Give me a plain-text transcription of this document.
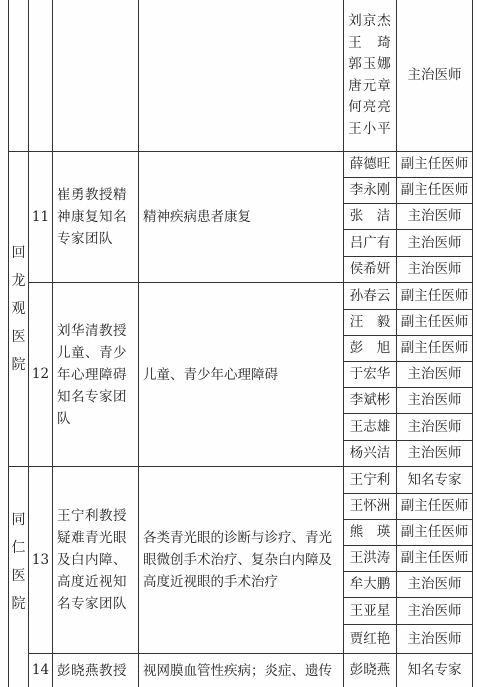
刘京杰
王　琦
郭玉娜
唐元章
何亮亮
王小平
主治医师
回
龙
观
医
院
11
崔勇教授精神康复知名专家团队
精神疾病患者康复
薛德旺 副主任医师
李永刚 副主任医师
张　洁	主治医师
吕广有	主治医师
侯希妍	主治医师
12
刘华清教授儿童、青少年心理障碍知名专家团队
儿童、青少年心理障碍
孙春云 副主任医师
汪　毅 副主任医师
彭　旭 副主任医师
于宏华	主治医师
李斌彬	主治医师
王志雄	主治医师
杨兴洁	主治医师
同
仁
医
院
13
王宁利教授疑难青光眼及白内障、高度近视知名专家团队
各类青光眼的诊断与诊疗、青光眼微创手术治疗、复杂白内障及高度近视眼的手术治疗
王宁利	知名专家
王怀洲 副主任医师
熊　瑛 副主任医师
王洪涛 副主任医师
牟大鹏	主治医师
王亚星	主治医师
贾红艳	主治医师
14 彭晓燕教授	视网膜血管性疾病；炎症、遗传	彭晓燕	知名专家
